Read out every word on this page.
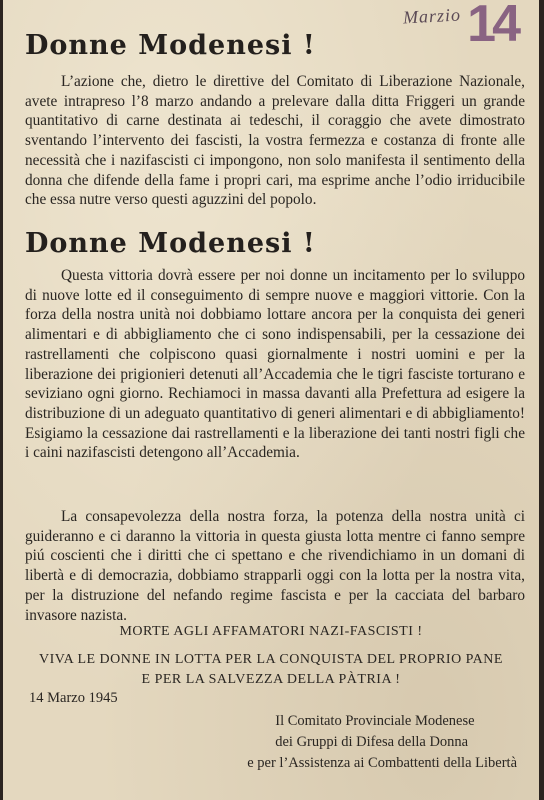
Marzio 14
Donne Modenesi !

L’azione che, dietro le direttive del Comitato di Liberazione Nazionale, avete intrapreso l’8 marzo andando a prelevare dalla ditta Friggeri un grande quantitativo di carne destinata ai tedeschi, il coraggio che avete dimostrato sventando l’intervento dei fascisti, la vostra fermezza e costanza di fronte alle necessità che i nazifascisti ci impongono, non solo manifesta il sentimento della donna che difende della fame i propri cari, ma esprime anche l’odio irriducibile che essa nutre verso questi aguzzini del popolo.

Donne Modenesi !

Questa vittoria dovrà essere per noi donne un incitamento per lo sviluppo di nuove lotte ed il conseguimento di sempre nuove e maggiori vittorie. Con la forza della nostra unità noi dobbiamo lottare ancora per la conquista dei generi alimentari e di abbigliamento che ci sono indispensabili, per la cessazione dei rastrellamenti che colpiscono quasi giornalmente i nostri uomini e per la liberazione dei prigionieri detenuti all’Accademia che le tigri fasciste torturano e seviziano ogni giorno. Rechiamoci in massa davanti alla Prefettura ad esigere la distribuzione di un adeguato quantitativo di generi alimentari e di abbigliamento! Esigiamo la cessazione dai rastrellamenti e la liberazione dei tanti nostri figli che i caini nazifascisti detengono all’Accademia.

La consapevolezza della nostra forza, la potenza della nostra unità ci guideranno e ci daranno la vittoria in questa giusta lotta mentre ci fanno sempre piú coscienti che i diritti che ci spettano e che rivendichiamo in un domani di libertà e di democrazia, dobbiamo strapparli oggi con la lotta per la nostra vita, per la distruzione del nefando regime fascista e per la cacciata del barbaro invasore nazista.

MORTE AGLI AFFAMATORI NAZI-FASCISTI !

VIVA LE DONNE IN LOTTA PER LA CONQUISTA DEL PROPRIO PANE
E PER LA SALVEZZA DELLA PÀTRIA !

14 Marzo 1945

Il Comitato Provinciale Modenese
dei Gruppi di Difesa della Donna
e per l’Assistenza ai Combattenti della Libertà
